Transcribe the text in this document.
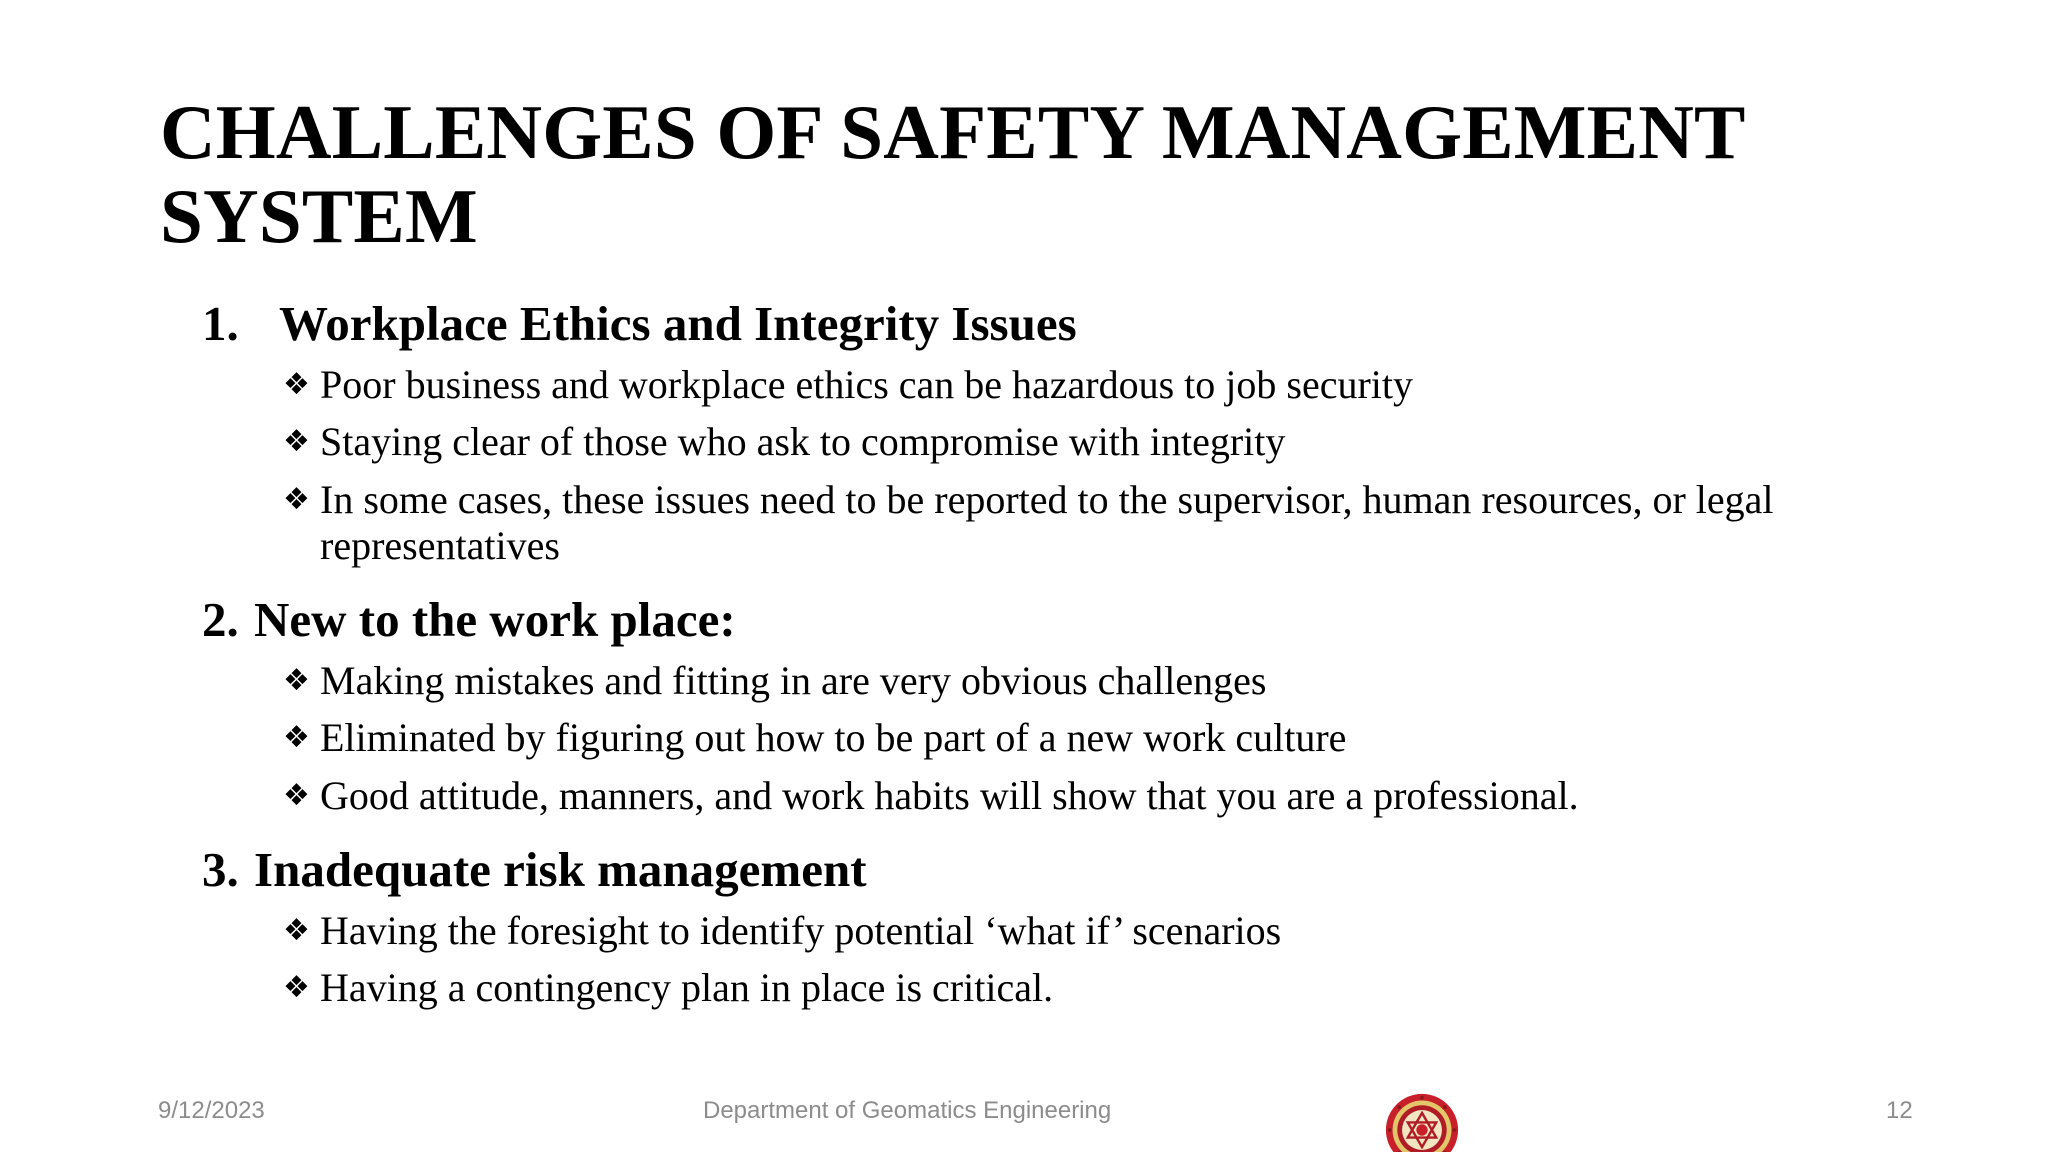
CHALLENGES OF SAFETY MANAGEMENT
SYSTEM
1. Workplace Ethics and Integrity Issues
❖ Poor business and workplace ethics can be hazardous to job security
❖ Staying clear of those who ask to compromise with integrity
❖ In some cases, these issues need to be reported to the supervisor, human resources, or legal representatives
2. New to the work place:
❖ Making mistakes and fitting in are very obvious challenges
❖ Eliminated by figuring out how to be part of a new work culture
❖ Good attitude, manners, and work habits will show that you are a professional.
3. Inadequate risk management
❖ Having the foresight to identify potential ‘what if’ scenarios
❖ Having a contingency plan in place is critical.
9/12/2023	Department of Geomatics Engineering	12
